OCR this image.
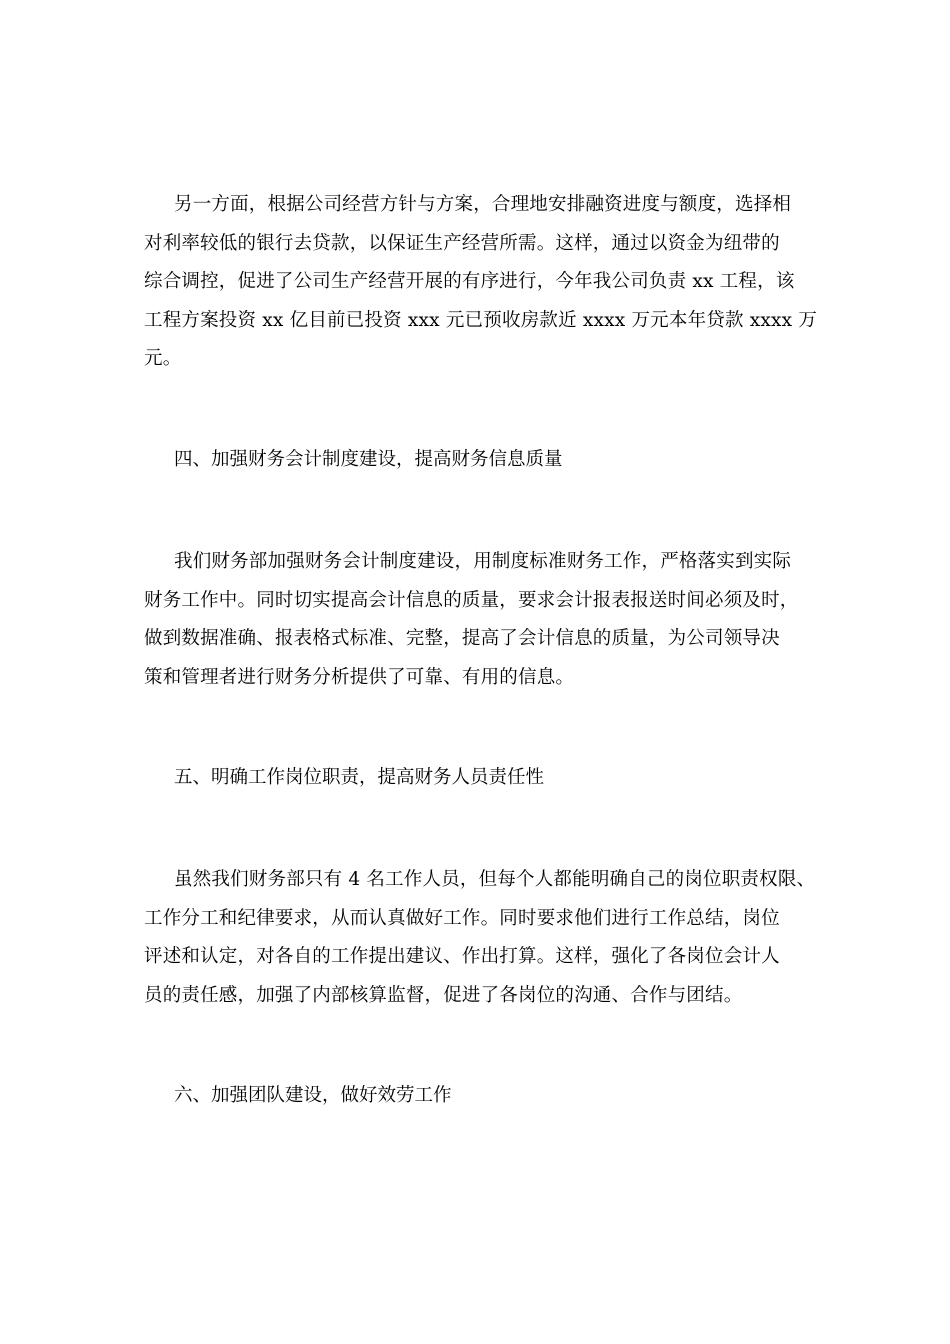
另一方面，根据公司经营方针与方案，合理地安排融资进度与额度，选择相
对利率较低的银行去贷款，以保证生产经营所需。这样，通过以资金为纽带的
综合调控，促进了公司生产经营开展的有序进行，今年我公司负责 xx 工程，该
工程方案投资 xx 亿目前已投资 xxx 元已预收房款近 xxxx 万元本年贷款 xxxx 万
元。

四、加强财务会计制度建设，提高财务信息质量

我们财务部加强财务会计制度建设，用制度标准财务工作，严格落实到实际
财务工作中。同时切实提高会计信息的质量，要求会计报表报送时间必须及时，
做到数据准确、报表格式标准、完整，提高了会计信息的质量，为公司领导决
策和管理者进行财务分析提供了可靠、有用的信息。

五、明确工作岗位职责，提高财务人员责任性

虽然我们财务部只有 4 名工作人员，但每个人都能明确自己的岗位职责权限、
工作分工和纪律要求，从而认真做好工作。同时要求他们进行工作总结，岗位
评述和认定，对各自的工作提出建议、作出打算。这样，强化了各岗位会计人
员的责任感，加强了内部核算监督，促进了各岗位的沟通、合作与团结。

六、加强团队建设，做好效劳工作
